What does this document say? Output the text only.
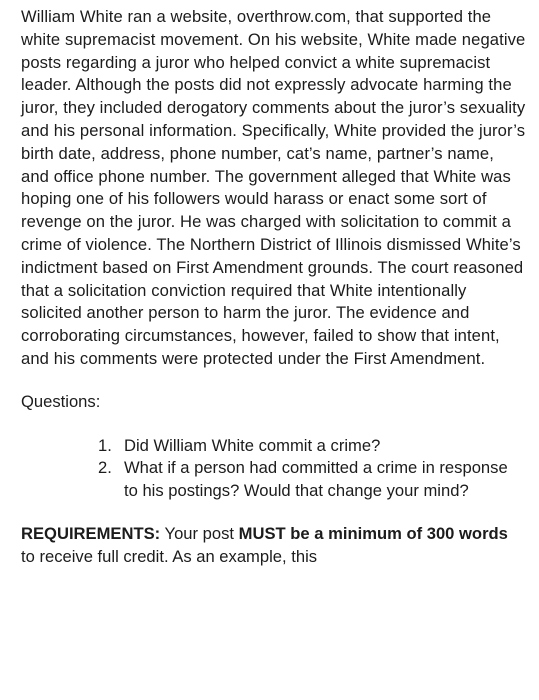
William White ran a website, overthrow.com, that supported the white supremacist movement. On his website, White made negative posts regarding a juror who helped convict a white supremacist leader. Although the posts did not expressly advocate harming the juror, they included derogatory comments about the juror’s sexuality and his personal information. Specifically, White provided the juror’s birth date, address, phone number, cat’s name, partner’s name, and office phone number. The government alleged that White was hoping one of his followers would harass or enact some sort of revenge on the juror. He was charged with solicitation to commit a crime of violence. The Northern District of Illinois dismissed White’s indictment based on First Amendment grounds. The court reasoned that a solicitation conviction required that White intentionally solicited another person to harm the juror. The evidence and corroborating circumstances, however, failed to show that intent, and his comments were protected under the First Amendment.

Questions:

1. Did William White commit a crime?
2. What if a person had committed a crime in response to his postings? Would that change your mind?

REQUIREMENTS: Your post MUST be a minimum of 300 words to receive full credit. As an example, this
